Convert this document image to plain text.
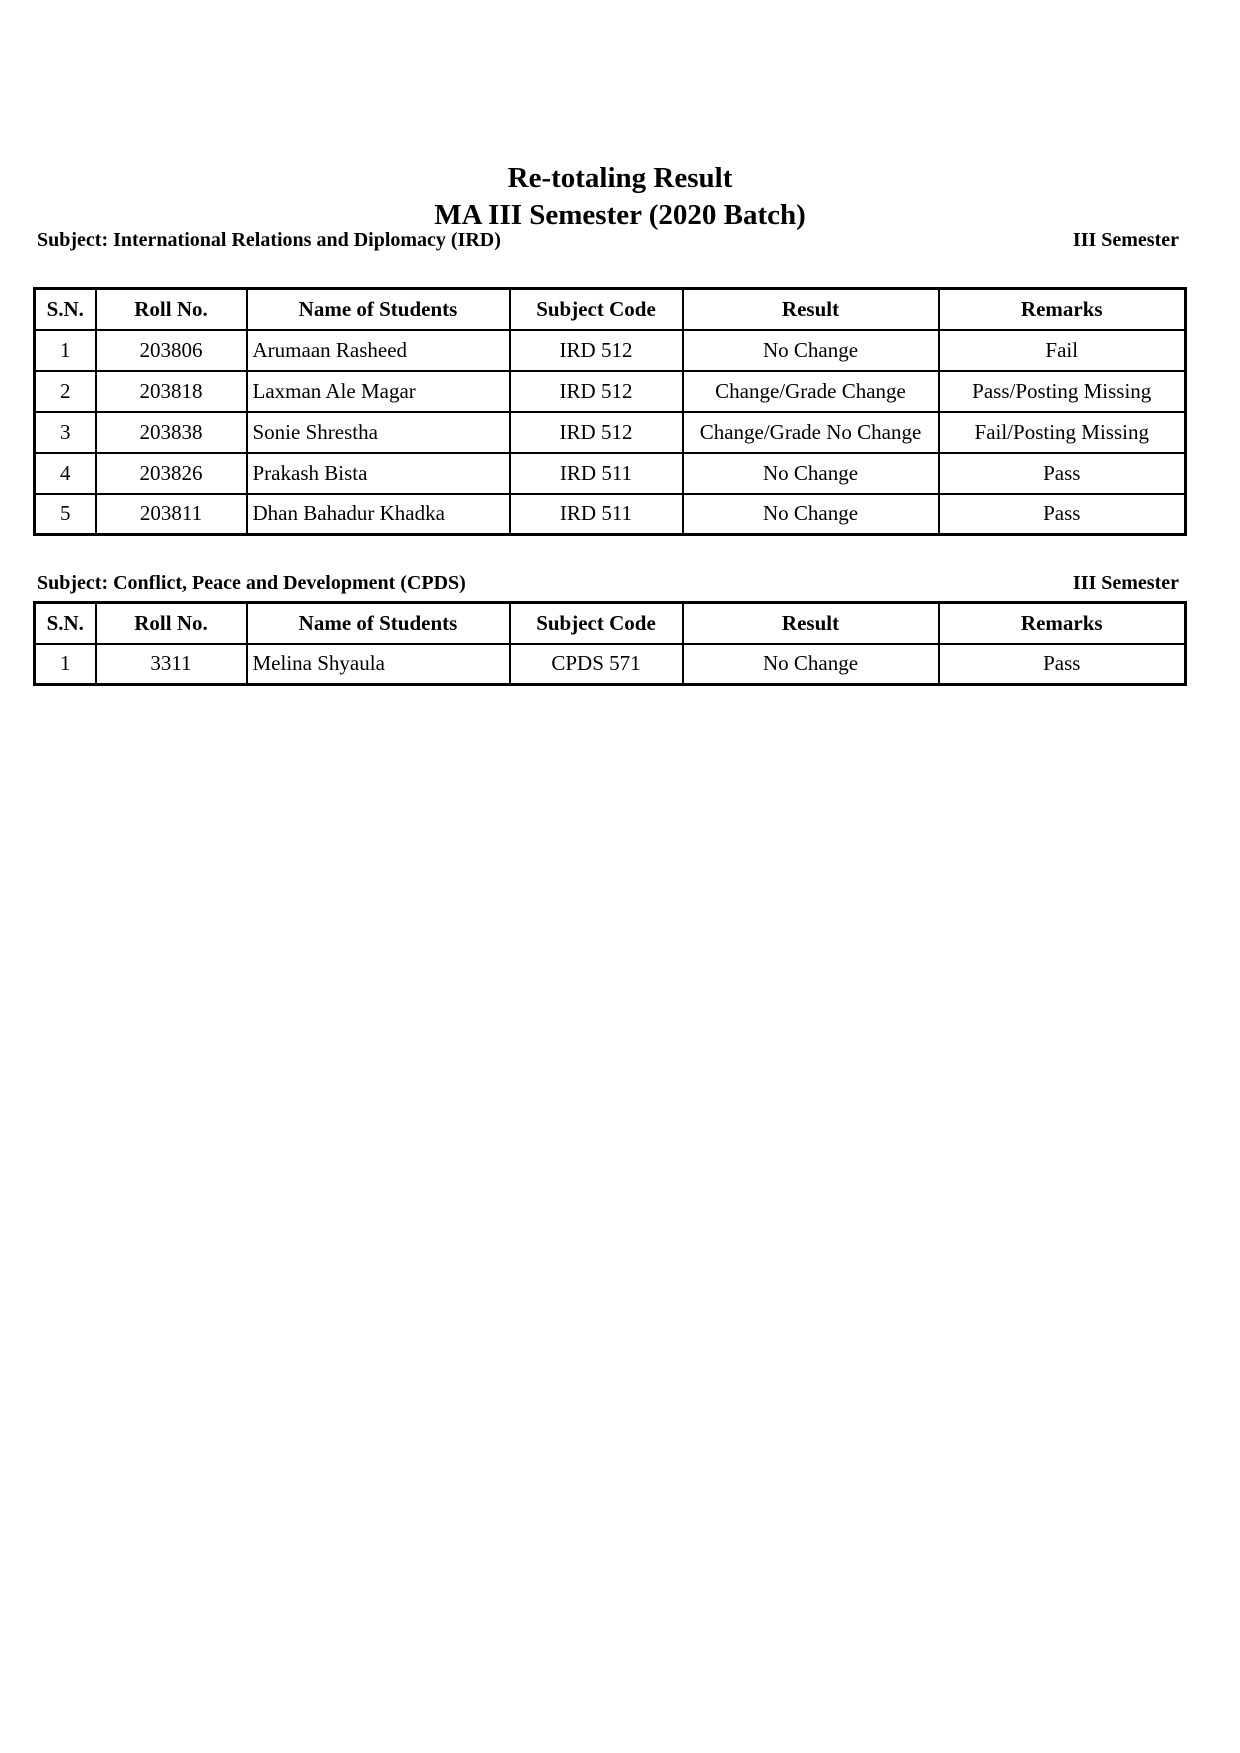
Re-totaling Result
MA III Semester (2020 Batch)
Subject: International Relations and Diplomacy (IRD)	III Semester
S.N.	Roll No.	Name of Students	Subject Code	Result	Remarks
1	203806	Arumaan Rasheed	IRD 512	No Change	Fail
2	203818	Laxman Ale Magar	IRD 512	Change/Grade Change	Pass/Posting Missing
3	203838	Sonie Shrestha	IRD 512	Change/Grade No Change	Fail/Posting Missing
4	203826	Prakash Bista	IRD 511	No Change	Pass
5	203811	Dhan Bahadur Khadka	IRD 511	No Change	Pass
Subject: Conflict, Peace and Development (CPDS)	III Semester
S.N.	Roll No.	Name of Students	Subject Code	Result	Remarks
1	3311	Melina Shyaula	CPDS 571	No Change	Pass
